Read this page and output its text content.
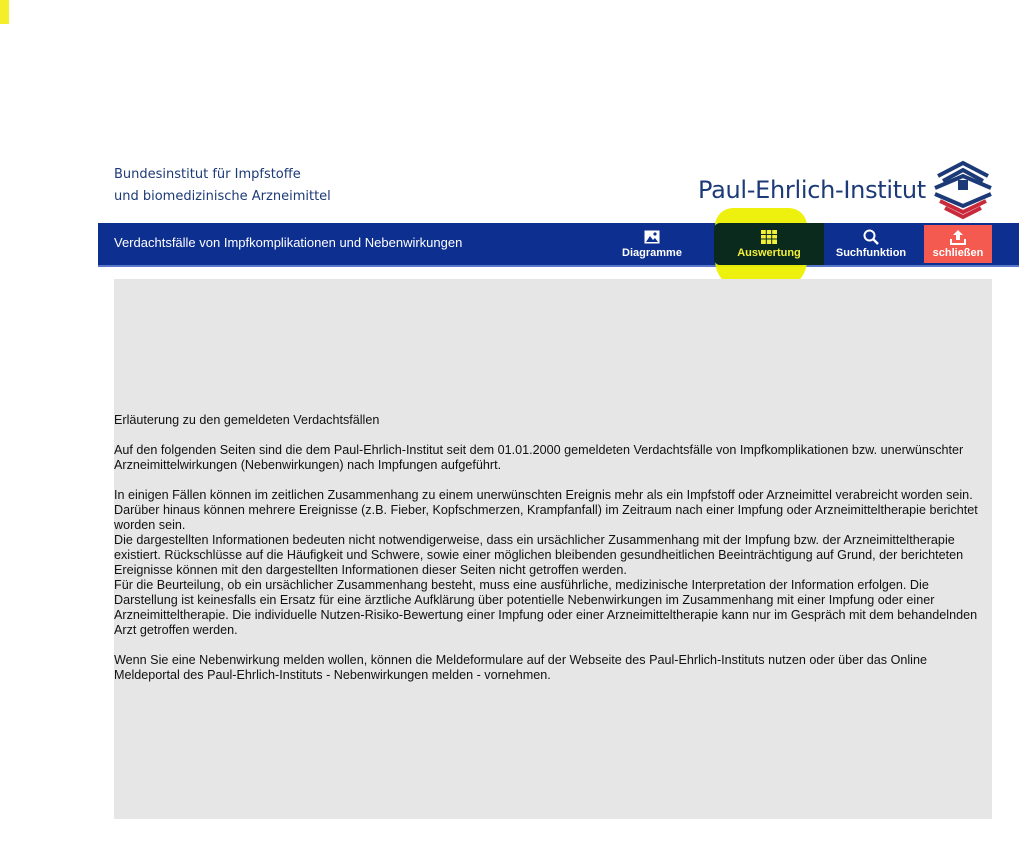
Bundesinstitut für Impfstoffe
und biomedizinische Arzneimittel	Paul-Ehrlich-Institut
Verdachtsfälle von Impfkomplikationen und Nebenwirkungen
Diagramme	Auswertung	Suchfunktion schließen

Erläuterung zu den gemeldeten Verdachtsfällen

Auf den folgenden Seiten sind die dem Paul-Ehrlich-Institut seit dem 01.01.2000 gemeldeten Verdachtsfälle von Impfkomplikationen bzw. unerwünschter Arzneimittelwirkungen (Nebenwirkungen) nach Impfungen aufgeführt.

In einigen Fällen können im zeitlichen Zusammenhang zu einem unerwünschten Ereignis mehr als ein Impfstoff oder Arzneimittel verabreicht worden sein. Darüber hinaus können mehrere Ereignisse (z.B. Fieber, Kopfschmerzen, Krampfanfall) im Zeitraum nach einer Impfung oder Arzneimitteltherapie berichtet worden sein.

Die dargestellten Informationen bedeuten nicht notwendigerweise, dass ein ursächlicher Zusammenhang mit der Impfung bzw. der Arzneimitteltherapie existiert. Rückschlüsse auf die Häufigkeit und Schwere, sowie einer möglichen bleibenden gesundheitlichen Beeinträchtigung auf Grund, der berichteten Ereignisse können mit den dargestellten Informationen dieser Seiten nicht getroffen werden.

Für die Beurteilung, ob ein ursächlicher Zusammenhang besteht, muss eine ausführliche, medizinische Interpretation der Information erfolgen. Die Darstellung ist keinesfalls ein Ersatz für eine ärztliche Aufklärung über potentielle Nebenwirkungen im Zusammenhang mit einer Impfung oder einer Arzneimitteltherapie. Die individuelle Nutzen-Risiko-Bewertung einer Impfung oder einer Arzneimitteltherapie kann nur im Gespräch mit dem behandelnden Arzt getroffen werden.

Wenn Sie eine Nebenwirkung melden wollen, können die Meldeformulare auf der Webseite des Paul-Ehrlich-Instituts nutzen oder über das Online Meldeportal des Paul-Ehrlich-Instituts - Nebenwirkungen melden - vornehmen.
